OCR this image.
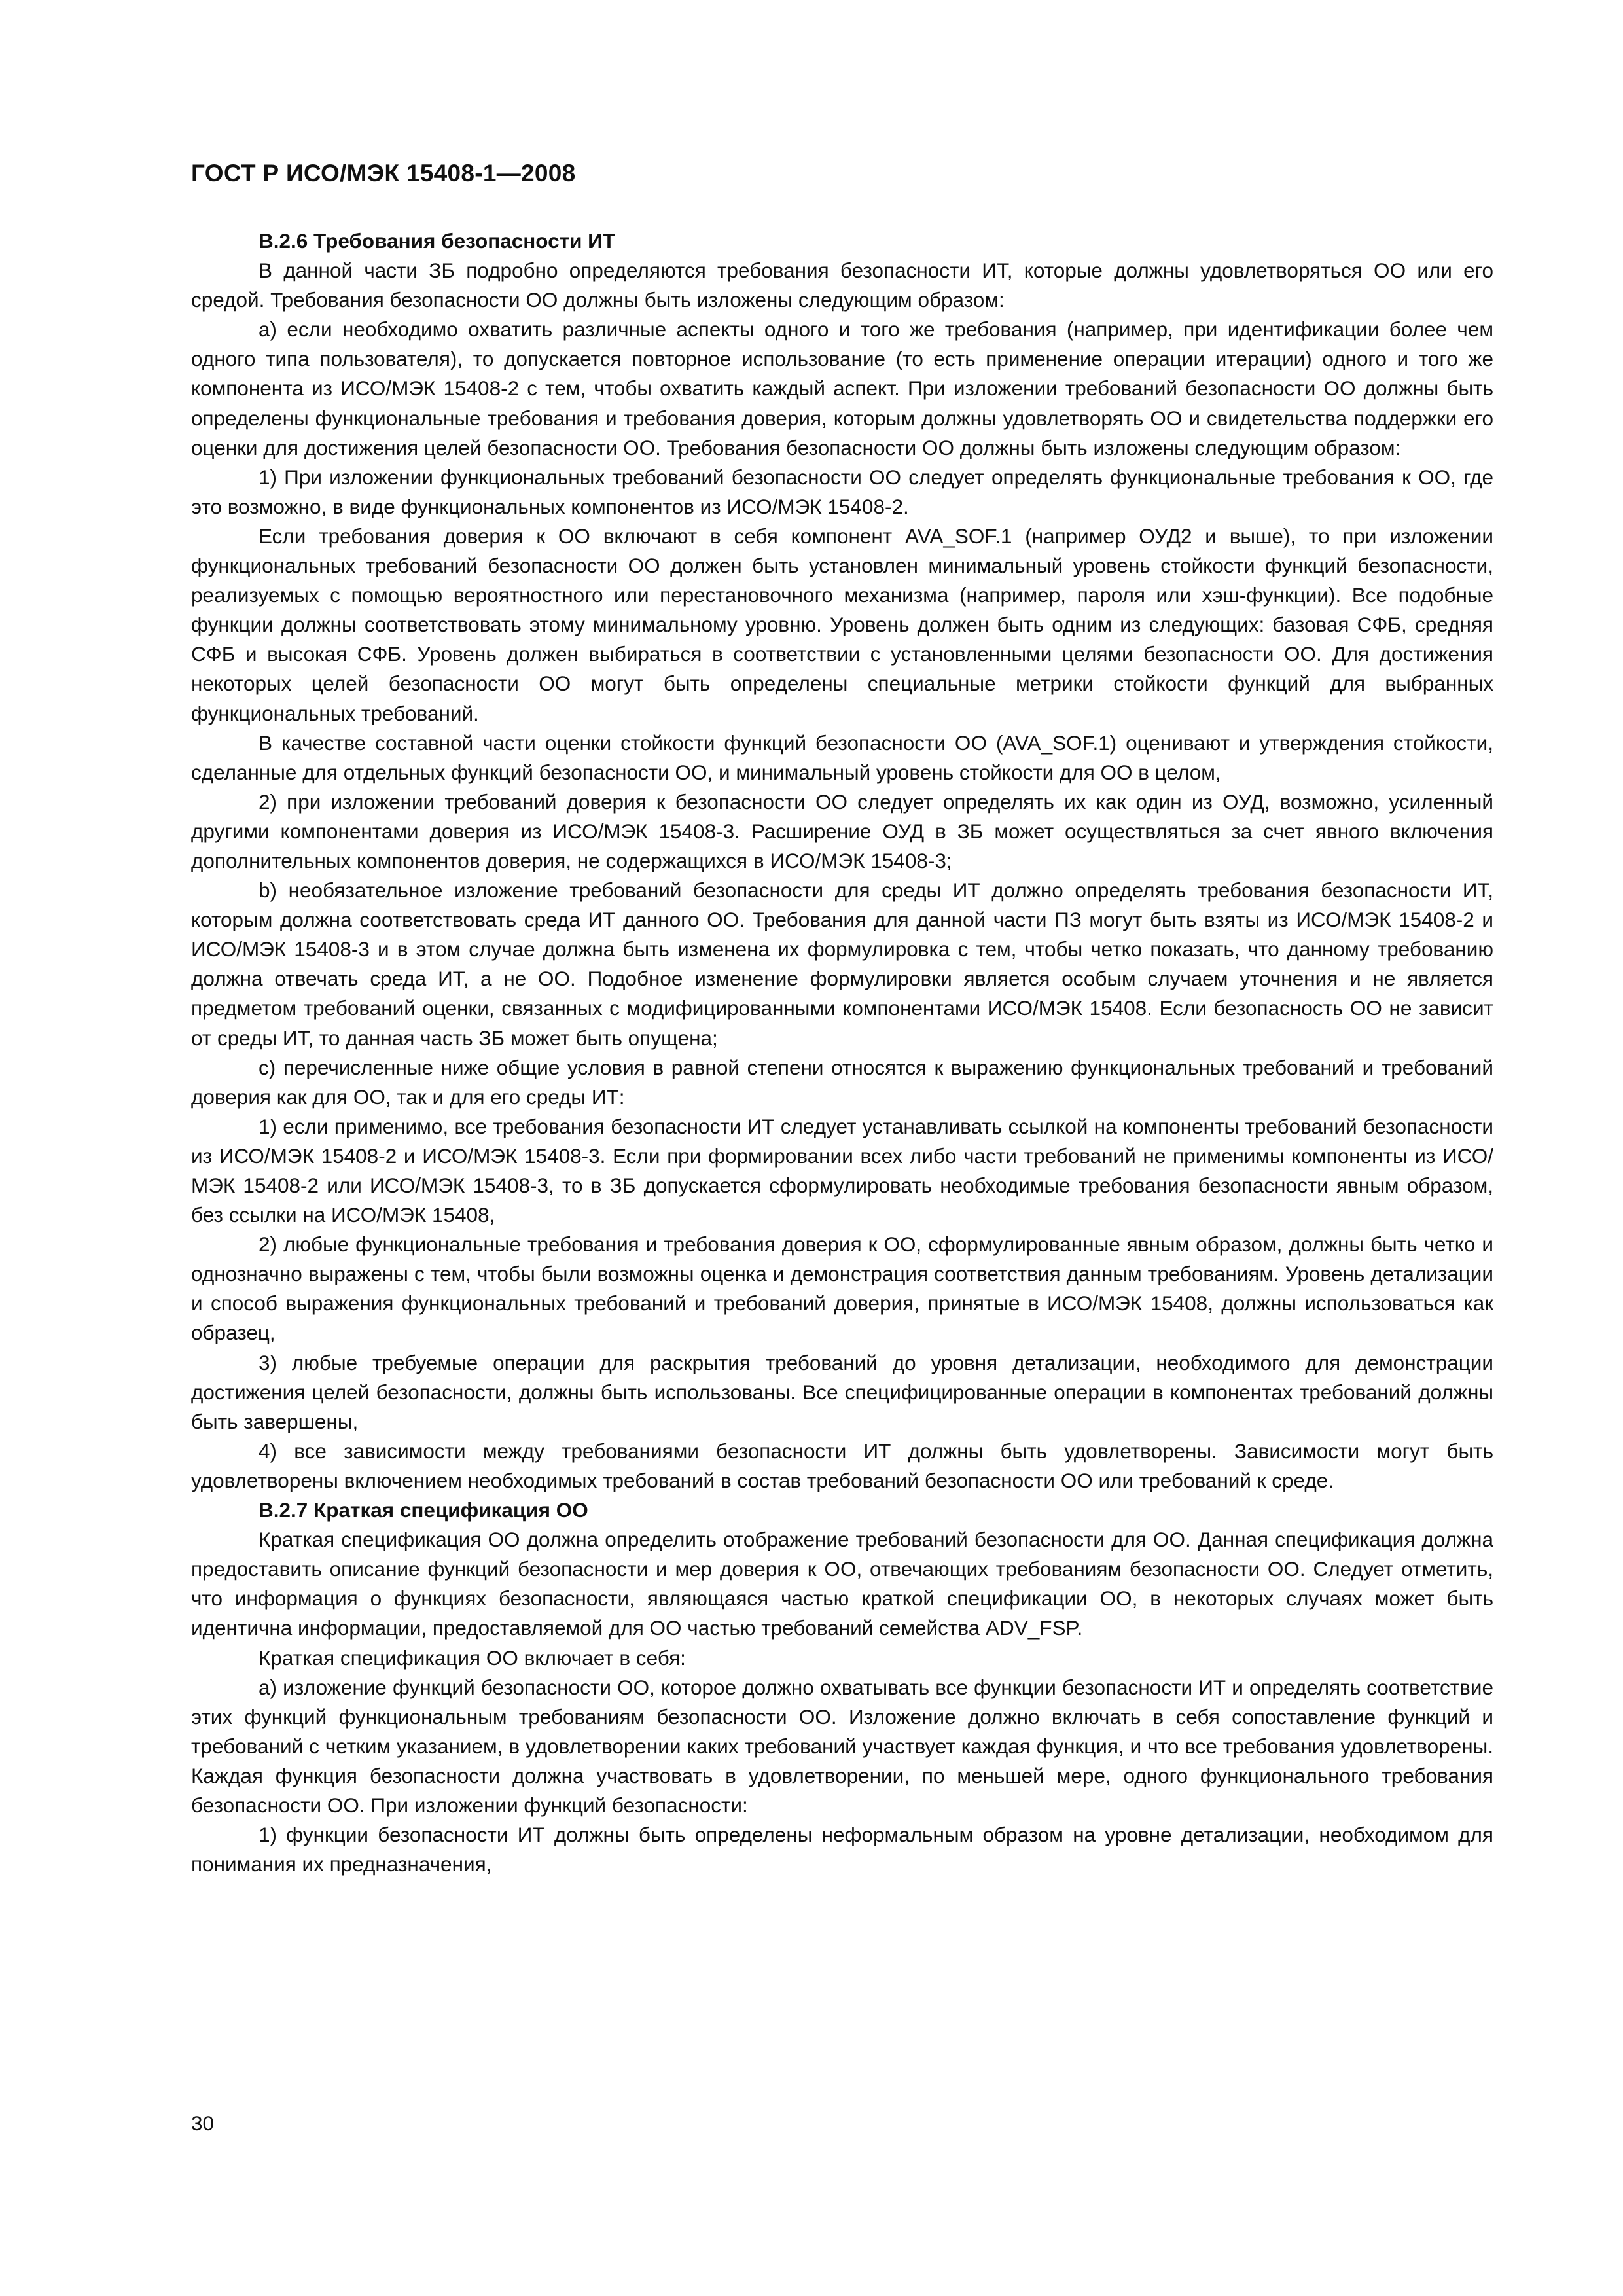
ГОСТ Р ИСО/МЭК 15408-1—2008
B.2.6 Требования безопасности ИТ

В данной части ЗБ подробно определяются требования безопасности ИТ, которые должны удовлетворяться ОО или его средой. Требования безопасности ОО должны быть изложены следующим образом:

a) если необходимо охватить различные аспекты одного и того же требования (например, при идентификации более чем одного типа пользователя), то допускается повторное использование (то есть применение операции итерации) одного и того же компонента из ИСО/МЭК 15408-2 с тем, чтобы охватить каждый аспект. При изложении требований безопасности ОО должны быть определены функциональные требования и требования доверия, которым должны удовлетворять ОО и свидетельства поддержки его оценки для достижения целей безопасности ОО. Требования безопасности ОО должны быть изложены следующим образом:

1) При изложении функциональных требований безопасности ОО следует определять функциональные требования к ОО, где это возможно, в виде функциональных компонентов из ИСО/МЭК 15408-2.

Если требования доверия к ОО включают в себя компонент AVA_SOF.1 (например ОУД2 и выше), то при изложении функциональных требований безопасности ОО должен быть установлен минимальный уровень стойкости функций безопасности, реализуемых с помощью вероятностного или перестановочного механизма (например, пароля или хэш-функции). Все подобные функции должны соответствовать этому минимальному уровню. Уровень должен быть одним из следующих: базовая СФБ, средняя СФБ и высокая СФБ. Уровень должен выбираться в соответствии с установленными целями безопасности ОО. Для достижения некоторых целей безопасности ОО могут быть определены специальные метрики стойкости функций для выбранных функциональных требований.

В качестве составной части оценки стойкости функций безопасности ОО (AVA_SOF.1) оценивают и утверждения стойкости, сделанные для отдельных функций безопасности ОО, и минимальный уровень стойкости для ОО в целом,

2) при изложении требований доверия к безопасности ОО следует определять их как один из ОУД, возможно, усиленный другими компонентами доверия из ИСО/МЭК 15408-3. Расширение ОУД в ЗБ может осуществляться за счет явного включения дополнительных компонентов доверия, не содержащихся в ИСО/МЭК 15408-3;

b) необязательное изложение требований безопасности для среды ИТ должно определять требования безопасности ИТ, которым должна соответствовать среда ИТ данного ОО. Требования для данной части ПЗ могут быть взяты из ИСО/МЭК 15408-2 и ИСО/МЭК 15408-3 и в этом случае должна быть изменена их формулировка с тем, чтобы четко показать, что данному требованию должна отвечать среда ИТ, а не ОО. Подобное изменение формулировки является особым случаем уточнения и не является предметом требований оценки, связанных с модифицированными компонентами ИСО/МЭК 15408. Если безопасность ОО не зависит от среды ИТ, то данная часть ЗБ может быть опущена;

c) перечисленные ниже общие условия в равной степени относятся к выражению функциональных требований и требований доверия как для ОО, так и для его среды ИТ:

1) если применимо, все требования безопасности ИТ следует устанавливать ссылкой на компоненты требований безопасности из ИСО/МЭК 15408-2 и ИСО/МЭК 15408-3. Если при формировании всех либо части требований не применимы компоненты из ИСО/МЭК 15408-2 или ИСО/МЭК 15408-3, то в ЗБ допускается сформулировать необходимые требования безопасности явным образом, без ссылки на ИСО/МЭК 15408,

2) любые функциональные требования и требования доверия к ОО, сформулированные явным образом, должны быть четко и однозначно выражены с тем, чтобы были возможны оценка и демонстрация соответствия данным требованиям. Уровень детализации и способ выражения функциональных требований и требований доверия, принятые в ИСО/МЭК 15408, должны использоваться как образец,

3) любые требуемые операции для раскрытия требований до уровня детализации, необходимого для демонстрации достижения целей безопасности, должны быть использованы. Все специфицированные операции в компонентах требований должны быть завершены,

4) все зависимости между требованиями безопасности ИТ должны быть удовлетворены. Зависимости могут быть удовлетворены включением необходимых требований в состав требований безопасности ОО или требований к среде.

B.2.7 Краткая спецификация ОО

Краткая спецификация ОО должна определить отображение требований безопасности для ОО. Данная спецификация должна предоставить описание функций безопасности и мер доверия к ОО, отвечающих требованиям безопасности ОО. Следует отметить, что информация о функциях безопасности, являющаяся частью краткой спецификации ОО, в некоторых случаях может быть идентична информации, предоставляемой для ОО частью требований семейства ADV_FSP.

Краткая спецификация ОО включает в себя:

a) изложение функций безопасности ОО, которое должно охватывать все функции безопасности ИТ и определять соответствие этих функций функциональным требованиям безопасности ОО. Изложение должно включать в себя сопоставление функций и требований с четким указанием, в удовлетворении каких требований участвует каждая функция, и что все требования удовлетворены. Каждая функция безопасности должна участвовать в удовлетворении, по меньшей мере, одного функционального требования безопасности ОО. При изложении функций безопасности:

1) функции безопасности ИТ должны быть определены неформальным образом на уровне детализации, необходимом для понимания их предназначения,

30
